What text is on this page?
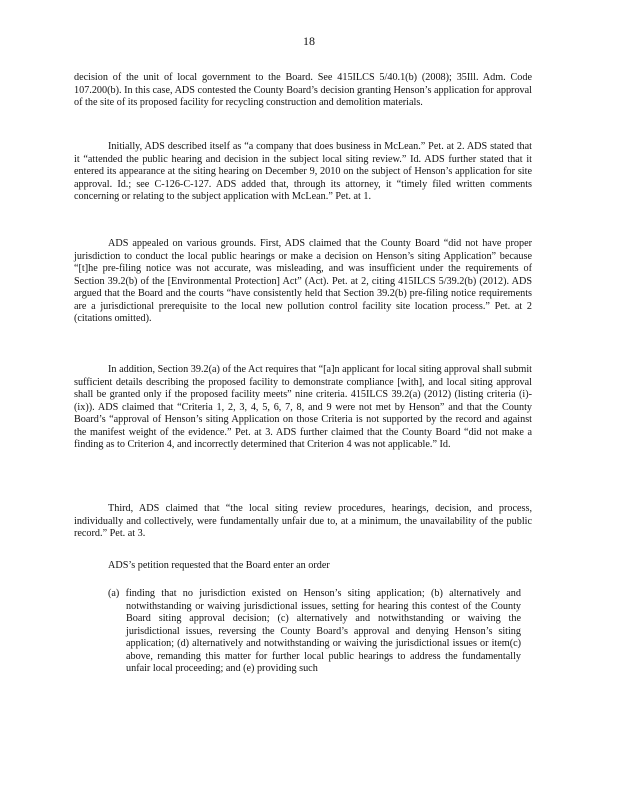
18

decision of the unit of local government to the Board. See 415ILCS 5/40.1(b) (2008); 35Ill. Adm. Code 107.200(b). In this case, ADS contested the County Board’s decision granting Henson’s application for approval of the site of its proposed facility for recycling construction and demolition materials.

Initially, ADS described itself as “a company that does business in McLean.” Pet. at 2. ADS stated that it “attended the public hearing and decision in the subject local siting review.” Id. ADS further stated that it entered its appearance at the siting hearing on December 9, 2010 on the subject of Henson’s application for site approval. Id.; see C-126-C-127. ADS added that, through its attorney, it “timely filed written comments concerning or relating to the subject application with McLean.” Pet. at 1.

ADS appealed on various grounds. First, ADS claimed that the County Board “did not have proper jurisdiction to conduct the local public hearings or make a decision on Henson’s siting Application” because “[t]he pre-filing notice was not accurate, was misleading, and was insufficient under the requirements of Section 39.2(b) of the [Environmental Protection] Act” (Act). Pet. at 2, citing 415ILCS 5/39.2(b) (2012). ADS argued that the Board and the courts “have consistently held that Section 39.2(b) pre-filing notice requirements are a jurisdictional prerequisite to the local new pollution control facility site location process.” Pet. at 2 (citations omitted).

In addition, Section 39.2(a) of the Act requires that “[a]n applicant for local siting approval shall submit sufficient details describing the proposed facility to demonstrate compliance [with], and local siting approval shall be granted only if the proposed facility meets” nine criteria. 415ILCS 39.2(a) (2012) (listing criteria (i)-(ix)). ADS claimed that “Criteria 1, 2, 3, 4, 5, 6, 7, 8, and 9 were not met by Henson” and that the County Board’s “approval of Henson’s siting Application on those Criteria is not supported by the record and against the manifest weight of the evidence.” Pet. at 3. ADS further claimed that the County Board “did not make a finding as to Criterion 4, and incorrectly determined that Criterion 4 was not applicable.” Id.

Third, ADS claimed that “the local siting review procedures, hearings, decision, and process, individually and collectively, were fundamentally unfair due to, at a minimum, the unavailability of the public record.” Pet. at 3.

ADS’s petition requested that the Board enter an order

(a) finding that no jurisdiction existed on Henson’s siting application; (b) alternatively and notwithstanding or waiving jurisdictional issues, setting for hearing this contest of the County Board siting approval decision; (c) alternatively and notwithstanding or waiving the jurisdictional issues, reversing the County Board’s approval and denying Henson’s siting application; (d) alternatively and notwithstanding or waiving the jurisdictional issues or item(c) above, remanding this matter for further local public hearings to address the fundamentally unfair local proceeding; and (e) providing such
